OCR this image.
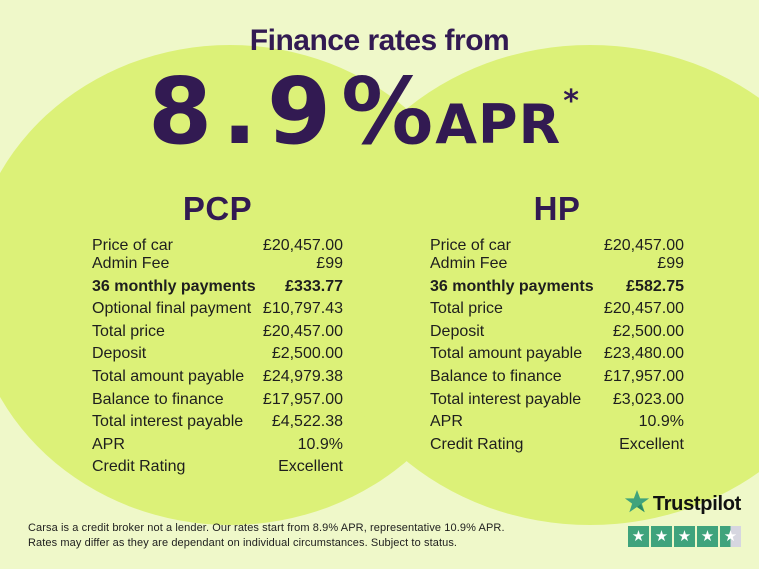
Finance rates from
8.9%APR*
PCP
Price of car	£20,457.00
Admin Fee	£99
36 monthly payments £333.77
Optional final payment £10,797.43
Total price	£20,457.00
Deposit	£2,500.00
Total amount payable £24,979.38
Balance to finance £17,957.00
Total interest payable £4,522.38
APR	10.9%
Credit Rating	Excellent
HP
Price of car	£20,457.00
Admin Fee	£99
36 monthly payments £582.75
Total price	£20,457.00
Deposit	£2,500.00
Total amount payable £23,480.00
Balance to finance	£17,957.00
Total interest payable £3,023.00
APR	10.9%
Credit Rating	Excellent
Carsa is a credit broker not a lender. Our rates start from 8.9% APR, representative 10.9% APR.
Rates may differ as they are dependant on individual circumstances. Subject to status.
Trustpilot
★
★
★
★
★
